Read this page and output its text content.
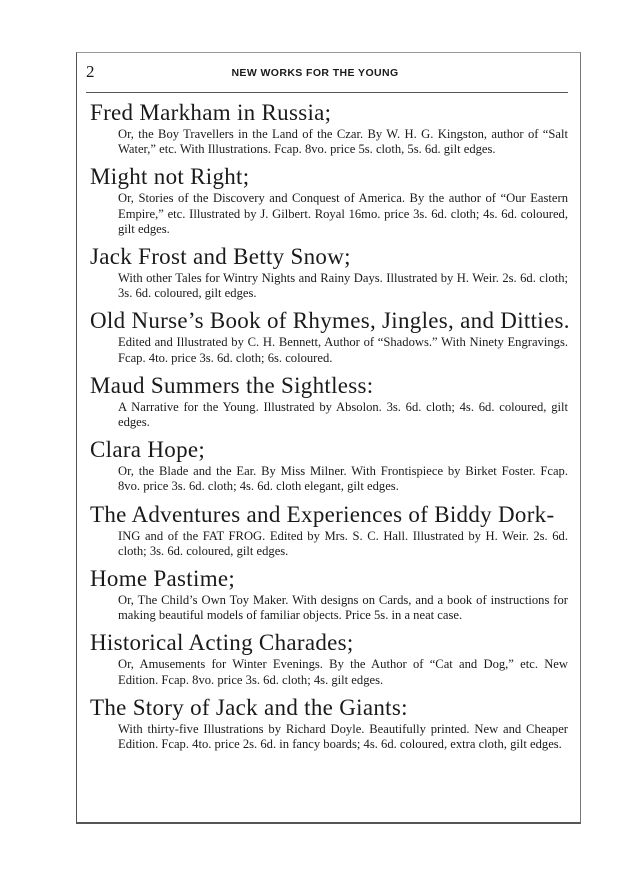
2	NEW WORKS FOR THE YOUNG
Fred Markham in Russia;
Or, the Boy Travellers in the Land of the Czar. By W. H. G. Kingston, author of “Salt Water,” etc. With Illustrations. Fcap. 8vo. price 5s. cloth, 5s. 6d. gilt edges.
Might not Right;
Or, Stories of the Discovery and Conquest of America. By the author of “Our Eastern Empire,” etc. Illustrated by J. Gilbert. Royal 16mo. price 3s. 6d. cloth; 4s. 6d. coloured, gilt edges.
Jack Frost and Betty Snow;
With other Tales for Wintry Nights and Rainy Days. Illustrated by H. Weir. 2s. 6d. cloth; 3s. 6d. coloured, gilt edges.
Old Nurse’s Book of Rhymes, Jingles, and Ditties.
Edited and Illustrated by C. H. Bennett, Author of “Shadows.” With Ninety Engravings. Fcap. 4to. price 3s. 6d. cloth; 6s. coloured.
Maud Summers the Sightless:
A Narrative for the Young. Illustrated by Absolon. 3s. 6d. cloth; 4s. 6d. coloured, gilt edges.
Clara Hope;
Or, the Blade and the Ear. By Miss Milner. With Frontispiece by Birket Foster. Fcap. 8vo. price 3s. 6d. cloth; 4s. 6d. cloth elegant, gilt edges.
The Adventures and Experiences of Biddy Dork-
ING and of the FAT FROG. Edited by Mrs. S. C. Hall. Illustrated by H. Weir. 2s. 6d. cloth; 3s. 6d. coloured, gilt edges.
Home Pastime;
Or, The Child’s Own Toy Maker. With designs on Cards, and a book of instructions for making beautiful models of familiar objects. Price 5s. in a neat case.
Historical Acting Charades;
Or, Amusements for Winter Evenings. By the Author of “Cat and Dog,” etc. New Edition. Fcap. 8vo. price 3s. 6d. cloth; 4s. gilt edges.
The Story of Jack and the Giants:
With thirty-five Illustrations by Richard Doyle. Beautifully printed. New and Cheaper Edition. Fcap. 4to. price 2s. 6d. in fancy boards; 4s. 6d. coloured, extra cloth, gilt edges.
